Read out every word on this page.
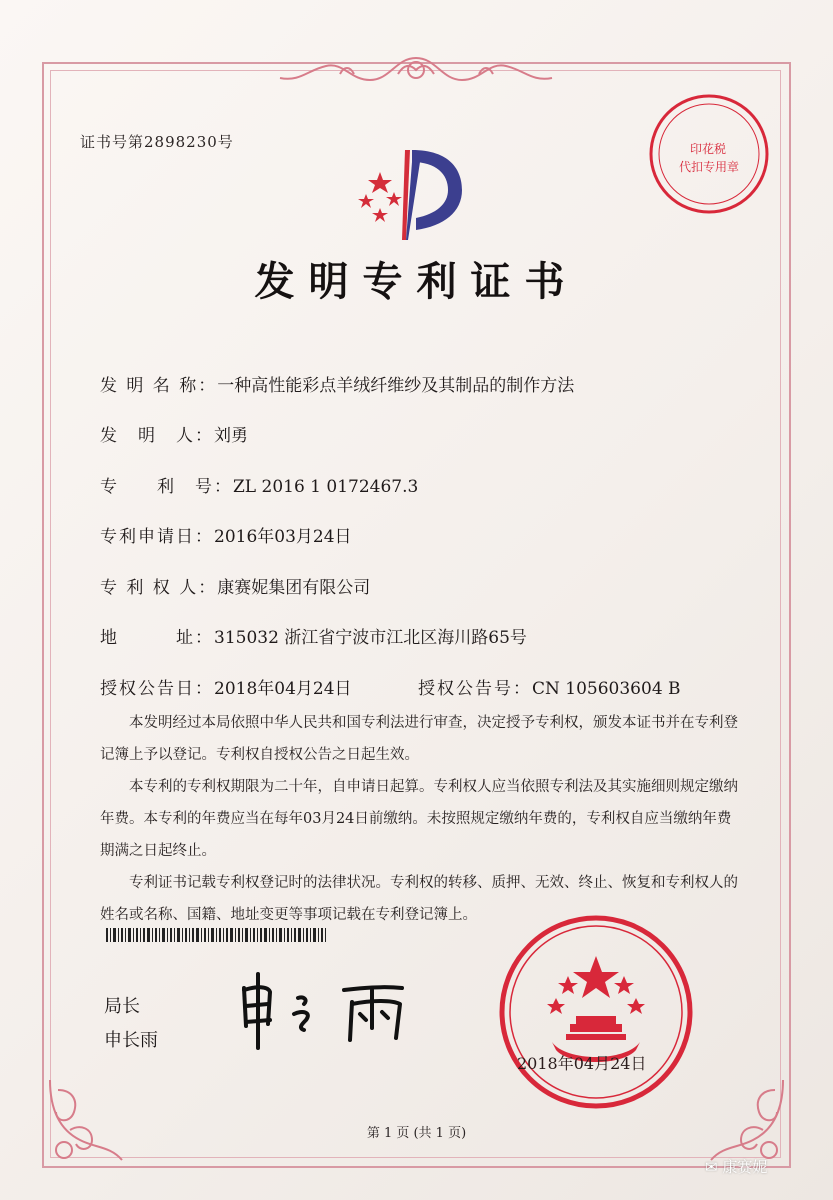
证书号第2898230号	印花税
代扣专用章
发明专利证书
发 明 名 称：一种高性能彩点羊绒纤维纱及其制品的制作方法
发　明　人：刘勇
专　　利　号：ZL 2016 1 0172467.3
专利申请日：2016年03月24日
专 利 权 人：康赛妮集团有限公司
地　　　址：315032 浙江省宁波市江北区海川路65号
授权公告日：2018年04月24日	授权公告号：CN 105603604 B

本发明经过本局依照中华人民共和国专利法进行审查，决定授予专利权，颁发本证书并在专利登记簿上予以登记。专利权自授权公告之日起生效。

本专利的专利权期限为二十年，自申请日起算。专利权人应当依照专利法及其实施细则规定缴纳年费。本专利的年费应当在每年03月24日前缴纳。未按照规定缴纳年费的，专利权自应当缴纳年费期满之日起终止。

专利证书记载专利权登记时的法律状况。专利权的转移、质押、无效、终止、恢复和专利权人的姓名或名称、国籍、地址变更等事项记载在专利登记簿上。

局长
申长雨
2018年04月24日
第 1 页 (共 1 页)
✉ 康赛妮
